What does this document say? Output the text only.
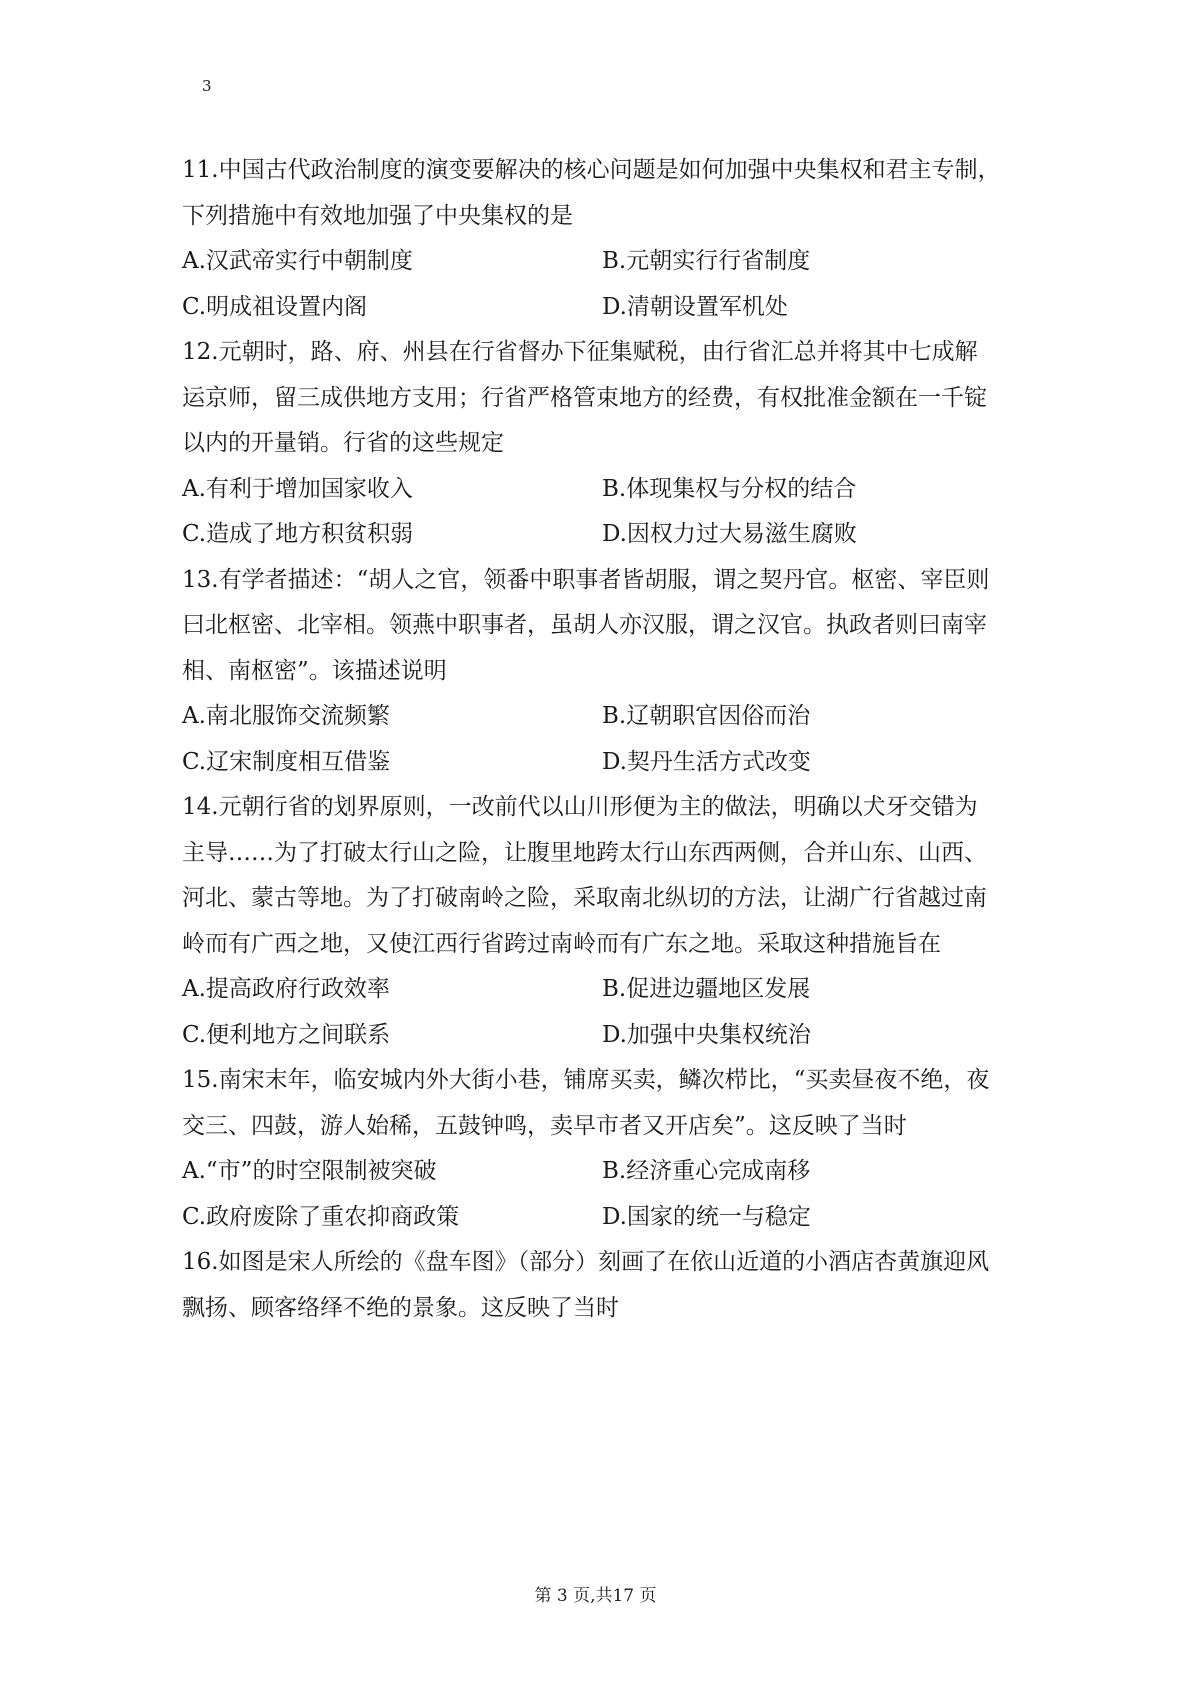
3
11.中国古代政治制度的演变要解决的核心问题是如何加强中央集权和君主专制，
下列措施中有效地加强了中央集权的是
A.汉武帝实行中朝制度	B.元朝实行行省制度
C.明成祖设置内阁	D.清朝设置军机处
12.元朝时，路、府、州县在行省督办下征集赋税，由行省汇总并将其中七成解
运京师，留三成供地方支用；行省严格管束地方的经费，有权批准金额在一千锭
以内的开量销。行省的这些规定
A.有利于增加国家收入	B.体现集权与分权的结合
C.造成了地方积贫积弱	D.因权力过大易滋生腐败
13.有学者描述：“胡人之官，领番中职事者皆胡服，谓之契丹官。枢密、宰臣则
曰北枢密、北宰相。领燕中职事者，虽胡人亦汉服，谓之汉官。执政者则曰南宰
相、南枢密”。该描述说明
A.南北服饰交流频繁	B.辽朝职官因俗而治
C.辽宋制度相互借鉴	D.契丹生活方式改变
14.元朝行省的划界原则，一改前代以山川形便为主的做法，明确以犬牙交错为
主导……为了打破太行山之险，让腹里地跨太行山东西两侧，合并山东、山西、
河北、蒙古等地。为了打破南岭之险，采取南北纵切的方法，让湖广行省越过南
岭而有广西之地，又使江西行省跨过南岭而有广东之地。采取这种措施旨在
A.提高政府行政效率	B.促进边疆地区发展
C.便利地方之间联系	D.加强中央集权统治
15.南宋末年，临安城内外大街小巷，铺席买卖，鳞次栉比，“买卖昼夜不绝，夜
交三、四鼓，游人始稀，五鼓钟鸣，卖早市者又开店矣”。这反映了当时
A.“市”的时空限制被突破	B.经济重心完成南移
C.政府废除了重农抑商政策	D.国家的统一与稳定
16.如图是宋人所绘的《盘车图》（部分）刻画了在依山近道的小酒店杏黄旗迎风
飘扬、顾客络绎不绝的景象。这反映了当时
第 3 页,共17 页
